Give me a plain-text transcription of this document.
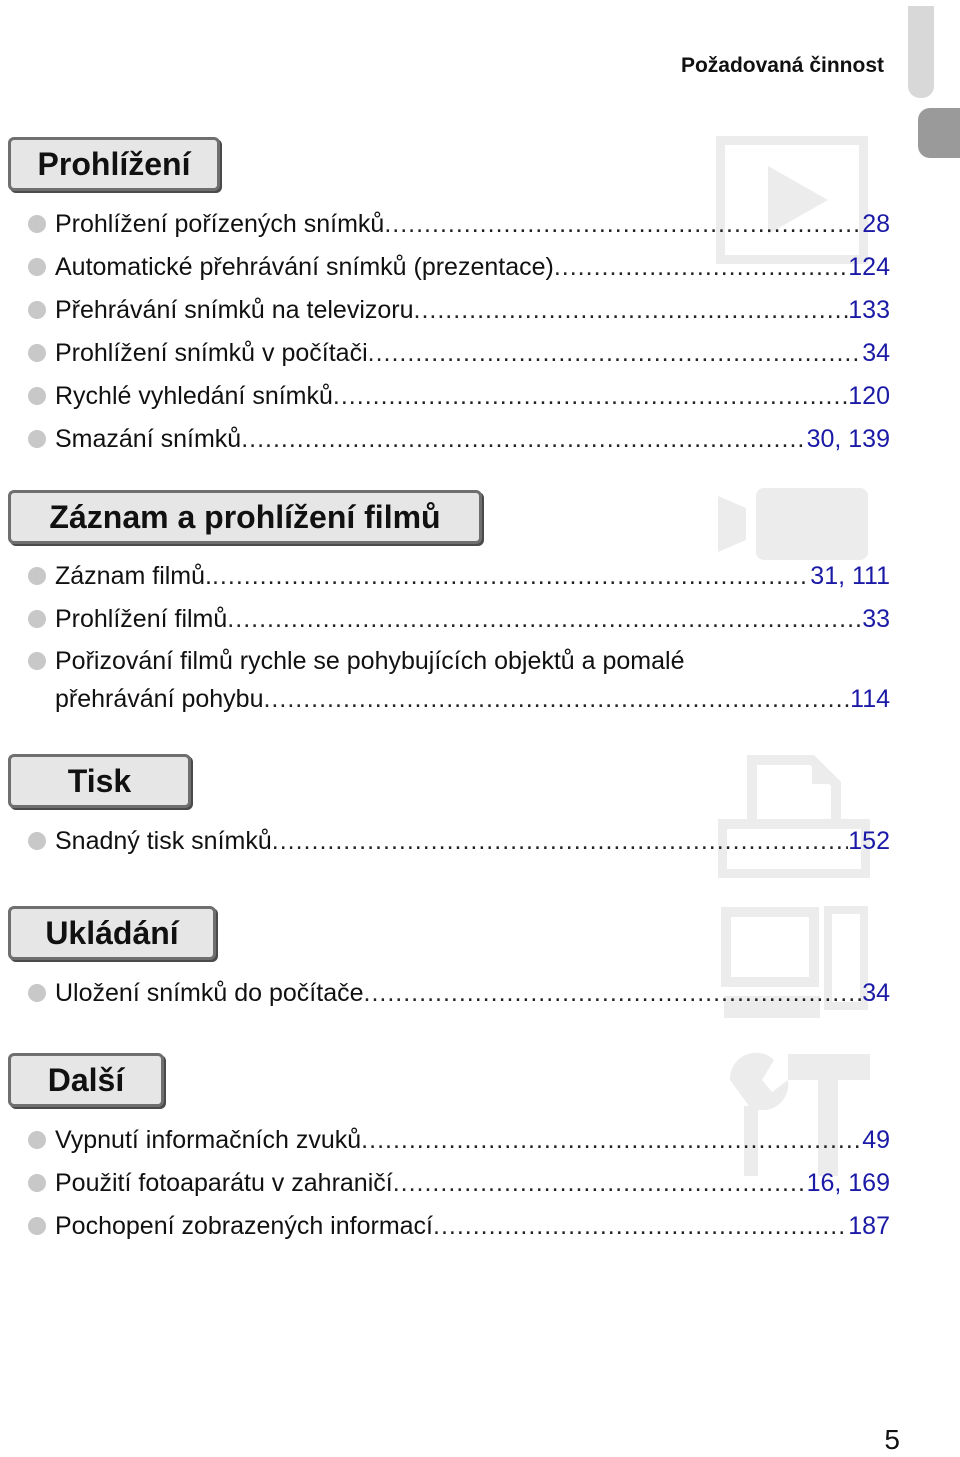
Požadovaná činnost
Prohlížení
Prohlížení pořízených snímků .....	28
Automatické přehrávání snímků (prezentace) .....	124
Přehrávání snímků na televizoru .....	133
Prohlížení snímků v počítači .....	34
Rychlé vyhledání snímků .....	120
Smazání snímků .....	30, 139
Záznam a prohlížení filmů
Záznam filmů. .....	31, 111
Prohlížení filmů .....	33
Pořizování filmů rychle se pohybujících objektů a pomalé
přehrávání pohybu .....	114
Tisk
Snadný tisk snímků .....	152
Ukládání
Uložení snímků do počítače .....	34
Další
Vypnutí informačních zvuků .....	49
Použití fotoaparátu v zahraničí .....	16, 169
Pochopení zobrazených informací .....	187
5
